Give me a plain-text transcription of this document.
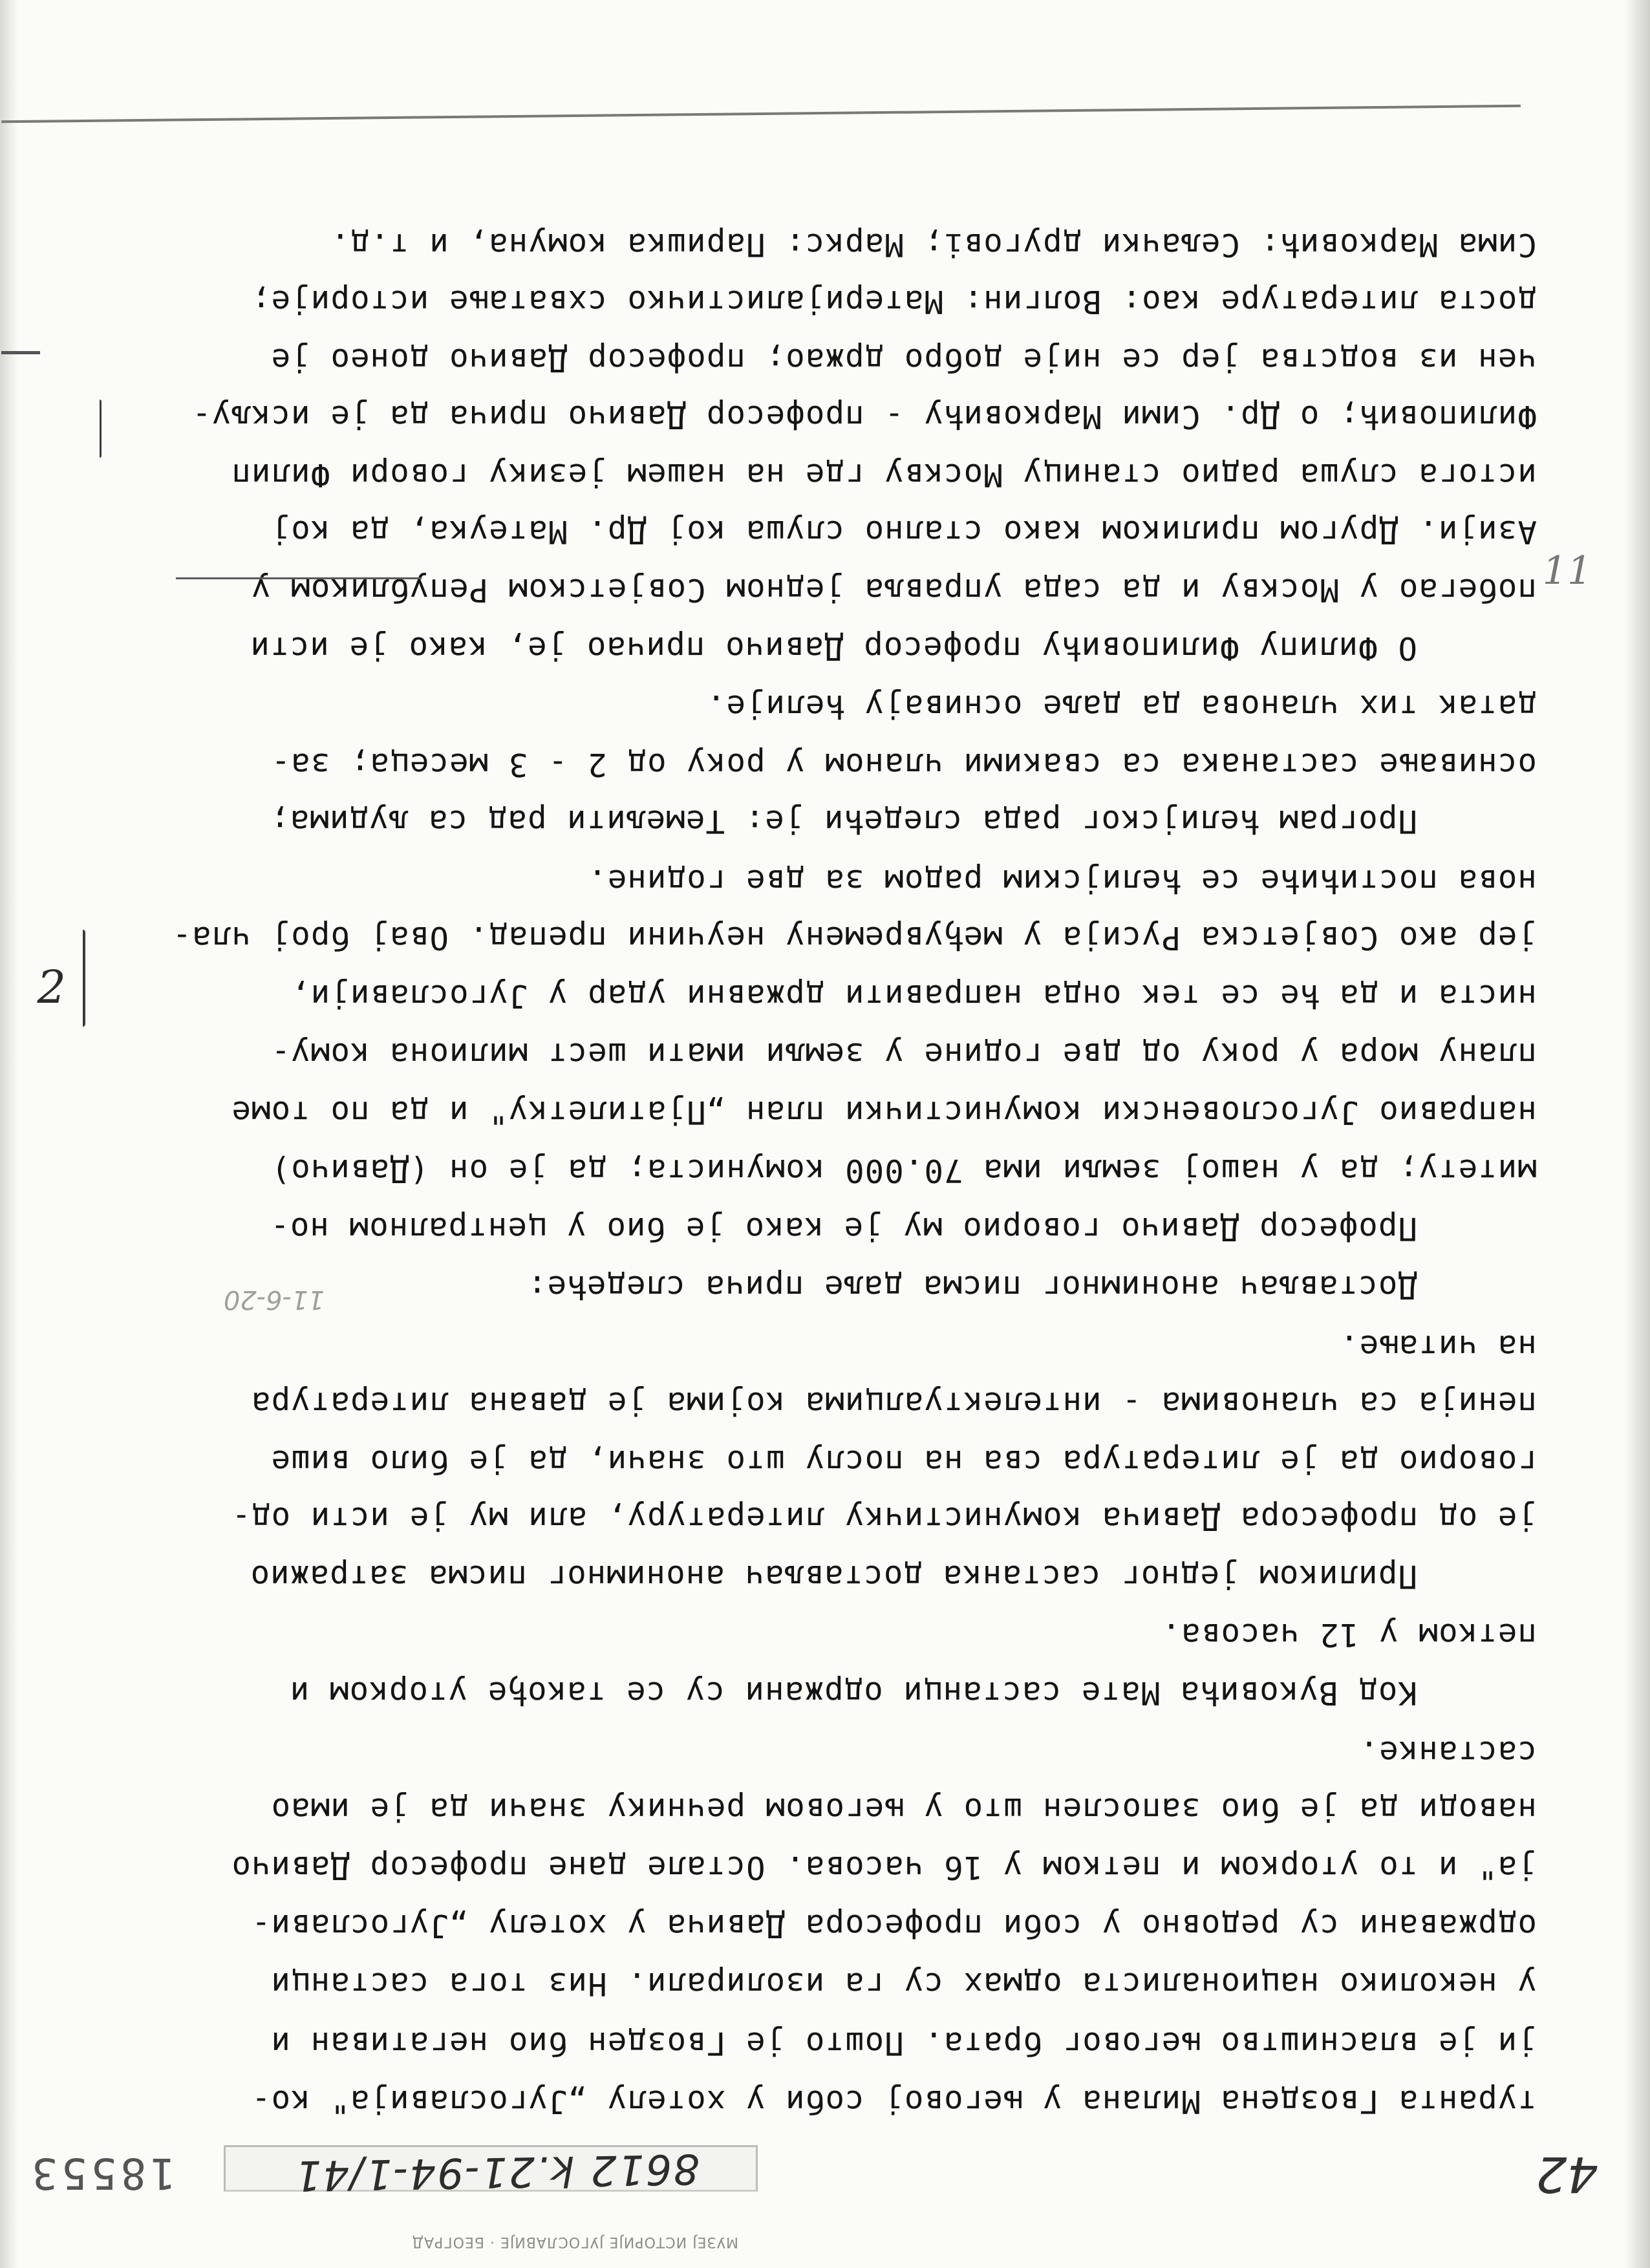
МУЗЕЈ ИСТОРИЈЕ ЈУГОСЛАВИЈЕ · БЕОГРАД
8612 k.21-94-1/41
18553	42
туранта Гвоздена Милана у његовој соби у хотелу „Југославија" ко-
ји је власништво његовог брата. Пошто је Гвозден био негативан и
у неколико националиста одмах су га изолирали. Низ тога састанци
одржавани су редовно у соби професора Давича у хотелу „Југослави-
ја" и то уторком и петком у 16 часова. Остале дане професор Давичо
наводи да је био запослен што у његовом речнику значи да је имао
састанке.
Код Вуковића Мате састанци одржани су се такође уторком и
петком у 12 часова.
Приликом једног састанка достављач анонимног писма затражио
је од професора Давича комунистичку литературу, али му је исти од-
говорио да је литература сва на послу што значи, да је било више
пенија са члановима - интелектуалцима којима је давана литература
на читање.
Достављач анонимног писма даље прича следеће:
11-6-20
Професор Давичо говорио му је како је био у централном но-
митету; да у нашој земљи има 70.000 комуниста; да је он (Давичо)
направио Југословенски комунистички план „Пјатилетку" и да по томе
плану мора у року од две године у земљи имати шест милиона кому-
ниста и да ће се тек онда направити државни удар у Југославији,
јер ако Совјетска Русија у међувремену неучини препад. Овај број чла-
нова постићиће се ћелијским радом за две године.
2
Програм ћелијског рада следећи је: Темељити рад са људима;
оснивање састанака са свакими чланом у року од 2 - 3 месеца; за-
датак тих чланова да даље оснивају ћелије.
О Филипу Филиповићу професор Давичо причао је, како је исти
побегао у Москву и да сада управља једном Совјетском Републиком у
Азији. Другом приликом како стално слуша кој Др. Матеука, да кој
истога слуша радио станицу Москву где на нашем језику говори Филип
Филиповић; о Др. Сими Марковићу - професор Давичо прича да је искљу-
чен из водства јер се није добро држао; професор Давичо донео је
доста литературе као: Волгин: Материјалистичко схватање историје;
Сима Марковић: Сељачки друговi; Маркс: Паришка комуна, и т.д.
11
